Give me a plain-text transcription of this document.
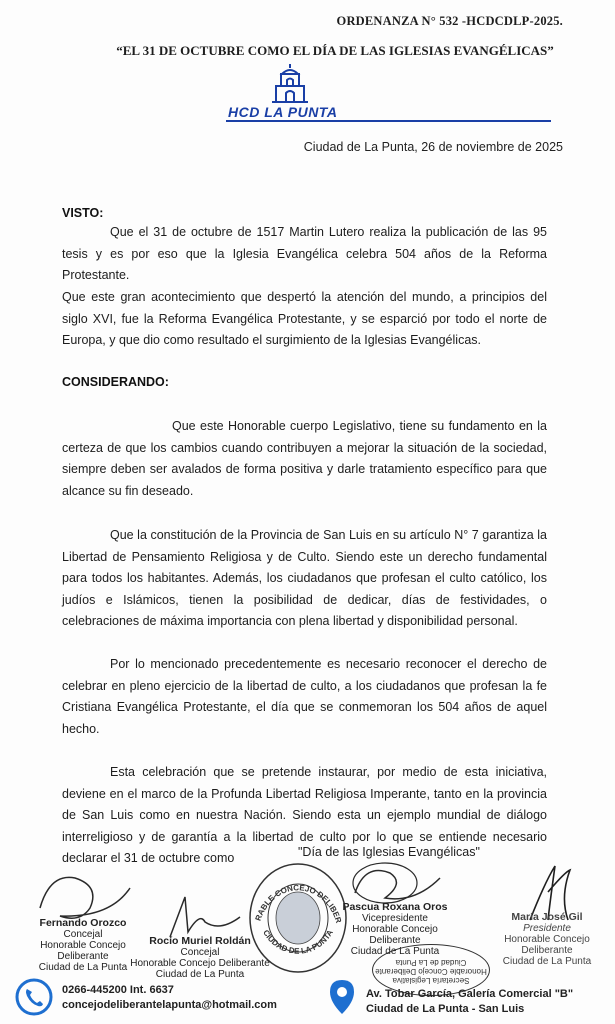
ORDENANZA N° 532 -HCDCDLP-2025.
“EL 31 DE OCTUBRE COMO EL DÍA DE LAS IGLESIAS EVANGÉLICAS”
HCD LA PUNTA
Ciudad de La Punta, 26 de noviembre de 2025
VISTO:

Que el 31 de octubre de 1517 Martin Lutero realiza la publicación de las 95 tesis y es por eso que la Iglesia Evangélica celebra 504 años de la Reforma Protestante.

Que este gran acontecimiento que despertó la atención del mundo, a principios del siglo XVI, fue la Reforma Evangélica Protestante, y se esparció por todo el norte de Europa, y que dio como resultado el surgimiento de la Iglesias Evangélicas.

CONSIDERANDO:

Que este Honorable cuerpo Legislativo, tiene su fundamento en la certeza de que los cambios cuando contribuyen a mejorar la situación de la sociedad, siempre deben ser avalados de forma positiva y darle tratamiento específico para que alcance su fin deseado.

Que la constitución de la Provincia de San Luis en su artículo N° 7 garantiza la Libertad de Pensamiento Religiosa y de Culto. Siendo este un derecho fundamental para todos los habitantes. Además, los ciudadanos que profesan el culto católico, los judíos e Islámicos, tienen la posibilidad de dedicar, días de festividades, o celebraciones de máxima importancia con plena libertad y disponibilidad personal.

Por lo mencionado precedentemente es necesario reconocer el derecho de celebrar en pleno ejercicio de la libertad de culto, a los ciudadanos que profesan la fe Cristiana Evangélica Protestante, el día que se conmemoran los 504 años de aquel hecho.

Esta celebración que se pretende instaurar, por medio de esta iniciativa, deviene en el marco de la Profunda Libertad Religiosa Imperante, tanto en la provincia de San Luis como en nuestra Nación. Siendo esta un ejemplo mundial de diálogo interreligioso y de garantía a la libertad de culto por lo que se entiende necesario declarar el 31 de octubre como	"Día de las Iglesias Evangélicas"
Fernando Orozco
Concejal
Honorable Concejo Deliberante
Ciudad de La Punta
Rocío Muriel Roldán
Concejal
Honorable Concejo Deliberante
Ciudad de La Punta
RABLE CONCEJO DELIBER
CIUDAD DE LA PUNTA
Pascua Roxana Oros
Vicepresidente
Honorable Concejo Deliberante
Ciudad de La Punta
Secretaría Legislativa
Honorable Concejo Deliberante
Ciudad de La Punta
María José Gil
Presidente
Honorable Concejo Deliberante
Ciudad de La Punta
0266-445200 Int. 6637
concejodeliberantelapunta@hotmail.com
Av. Tobar García, Galería Comercial "B"
Ciudad de La Punta - San Luis
